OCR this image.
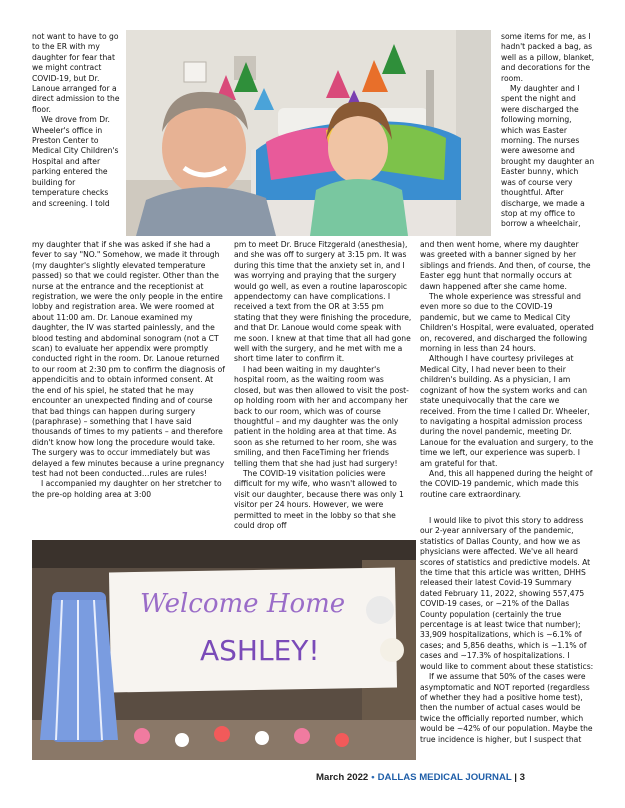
not want to have to go to the ER with my daughter for fear that we might contract COVID-19, but Dr. Lanoue arranged for a direct admission to the floor.

We drove from Dr. Wheeler's office in Preston Center to Medical City Children's Hospital and after parking entered the building for temperature checks and screening. I told

some items for me, as I hadn't packed a bag, as well as a pillow, blanket, and decorations for the room.

My daughter and I spent the night and were discharged the following morning, which was Easter morning. The nurses were awesome and brought my daughter an Easter bunny, which was of course very thoughtful. After discharge, we made a stop at my office to borrow a wheelchair,

my daughter that if she was asked if she had a fever to say "NO." Somehow, we made it through (my daughter's slightly elevated temperature passed) so that we could register. Other than the nurse at the entrance and the receptionist at registration, we were the only people in the entire lobby and registration area. We were roomed at about 11:00 am. Dr. Lanoue examined my daughter, the IV was started painlessly, and the blood testing and abdominal sonogram (not a CT scan) to evaluate her appendix were promptly conducted right in the room. Dr. Lanoue returned to our room at 2:30 pm to confirm the diagnosis of appendicitis and to obtain informed consent. At the end of his spiel, he stated that he may encounter an unexpected finding and of course that bad things can happen during surgery (paraphrase) – something that I have said thousands of times to my patients – and therefore didn't know how long the procedure would take. The surgery was to occur immediately but was delayed a few minutes because a urine pregnancy test had not been conducted…rules are rules!

I accompanied my daughter on her stretcher to the pre-op holding area at 3:00

pm to meet Dr. Bruce Fitzgerald (anesthesia), and she was off to surgery at 3:15 pm. It was during this time that the anxiety set in, and I was worrying and praying that the surgery would go well, as even a routine laparoscopic appendectomy can have complications. I received a text from the OR at 3:55 pm stating that they were finishing the procedure, and that Dr. Lanoue would come speak with me soon. I knew at that time that all had gone well with the surgery, and he met with me a short time later to confirm it.

I had been waiting in my daughter's hospital room, as the waiting room was closed, but was then allowed to visit the post-op holding room with her and accompany her back to our room, which was of course thoughtful – and my daughter was the only patient in the holding area at that time. As soon as she returned to her room, she was smiling, and then FaceTiming her friends telling them that she had just had surgery!

The COVID-19 visitation policies were difficult for my wife, who wasn't allowed to visit our daughter, because there was only 1 visitor per 24 hours. However, we were permitted to meet in the lobby so that she could drop off

and then went home, where my daughter was greeted with a banner signed by her siblings and friends. And then, of course, the Easter egg hunt that normally occurs at dawn happened after she came home.

The whole experience was stressful and even more so due to the COVID-19 pandemic, but we came to Medical City Children's Hospital, were evaluated, operated on, recovered, and discharged the following morning in less than 24 hours.

Although I have courtesy privileges at Medical City, I had never been to their children's building. As a physician, I am cognizant of how the system works and can state unequivocally that the care we received. From the time I called Dr. Wheeler, to navigating a hospital admission process during the novel pandemic, meeting Dr. Lanoue for the evaluation and surgery, to the time we left, our experience was superb. I am grateful for that.

And, this all happened during the height of the COVID-19 pandemic, which made this routine care extraordinary.

Welcome Home
ASHLEY!

I would like to pivot this story to address our 2-year anniversary of the pandemic, statistics of Dallas County, and how we as physicians were affected. We've all heard scores of statistics and predictive models. At the time that this article was written, DHHS released their latest Covid-19 Summary dated February 11, 2022, showing 557,475 COVID-19 cases, or ~21% of the Dallas County population (certainly the true percentage is at least twice that number); 33,909 hospitalizations, which is ~6.1% of cases; and 5,856 deaths, which is ~1.1% of cases and ~17.3% of hospitalizations. I would like to comment about these statistics:

If we assume that 50% of the cases were asymptomatic and NOT reported (regardless of whether they had a positive home test), then the number of actual cases would be twice the officially reported number, which would be ~42% of our population. Maybe the true incidence is higher, but I suspect that

March 2022 • DALLAS MEDICAL JOURNAL | 3
